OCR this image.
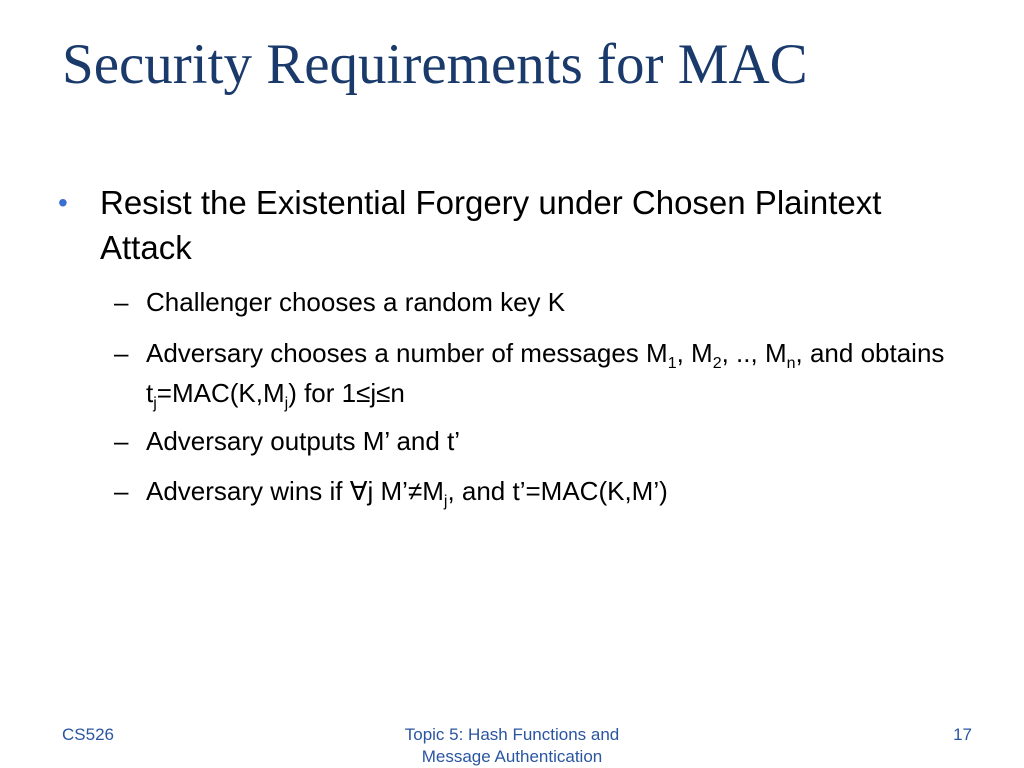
Security Requirements for MAC
• Resist the Existential Forgery under Chosen Plaintext Attack
– Challenger chooses a random key K
– Adversary chooses a number of messages $M_1$, $M_2$, .., $M_n$, and obtains $t_j=MAC(K,M_j)$ for 1≤j≤n
– Adversary outputs M’ and t’
– Adversary wins if ∀j $M’\ne M_j$, and t’=MAC(K,M’)
CS526	Topic 5: Hash Functions and
Message Authentication
17
